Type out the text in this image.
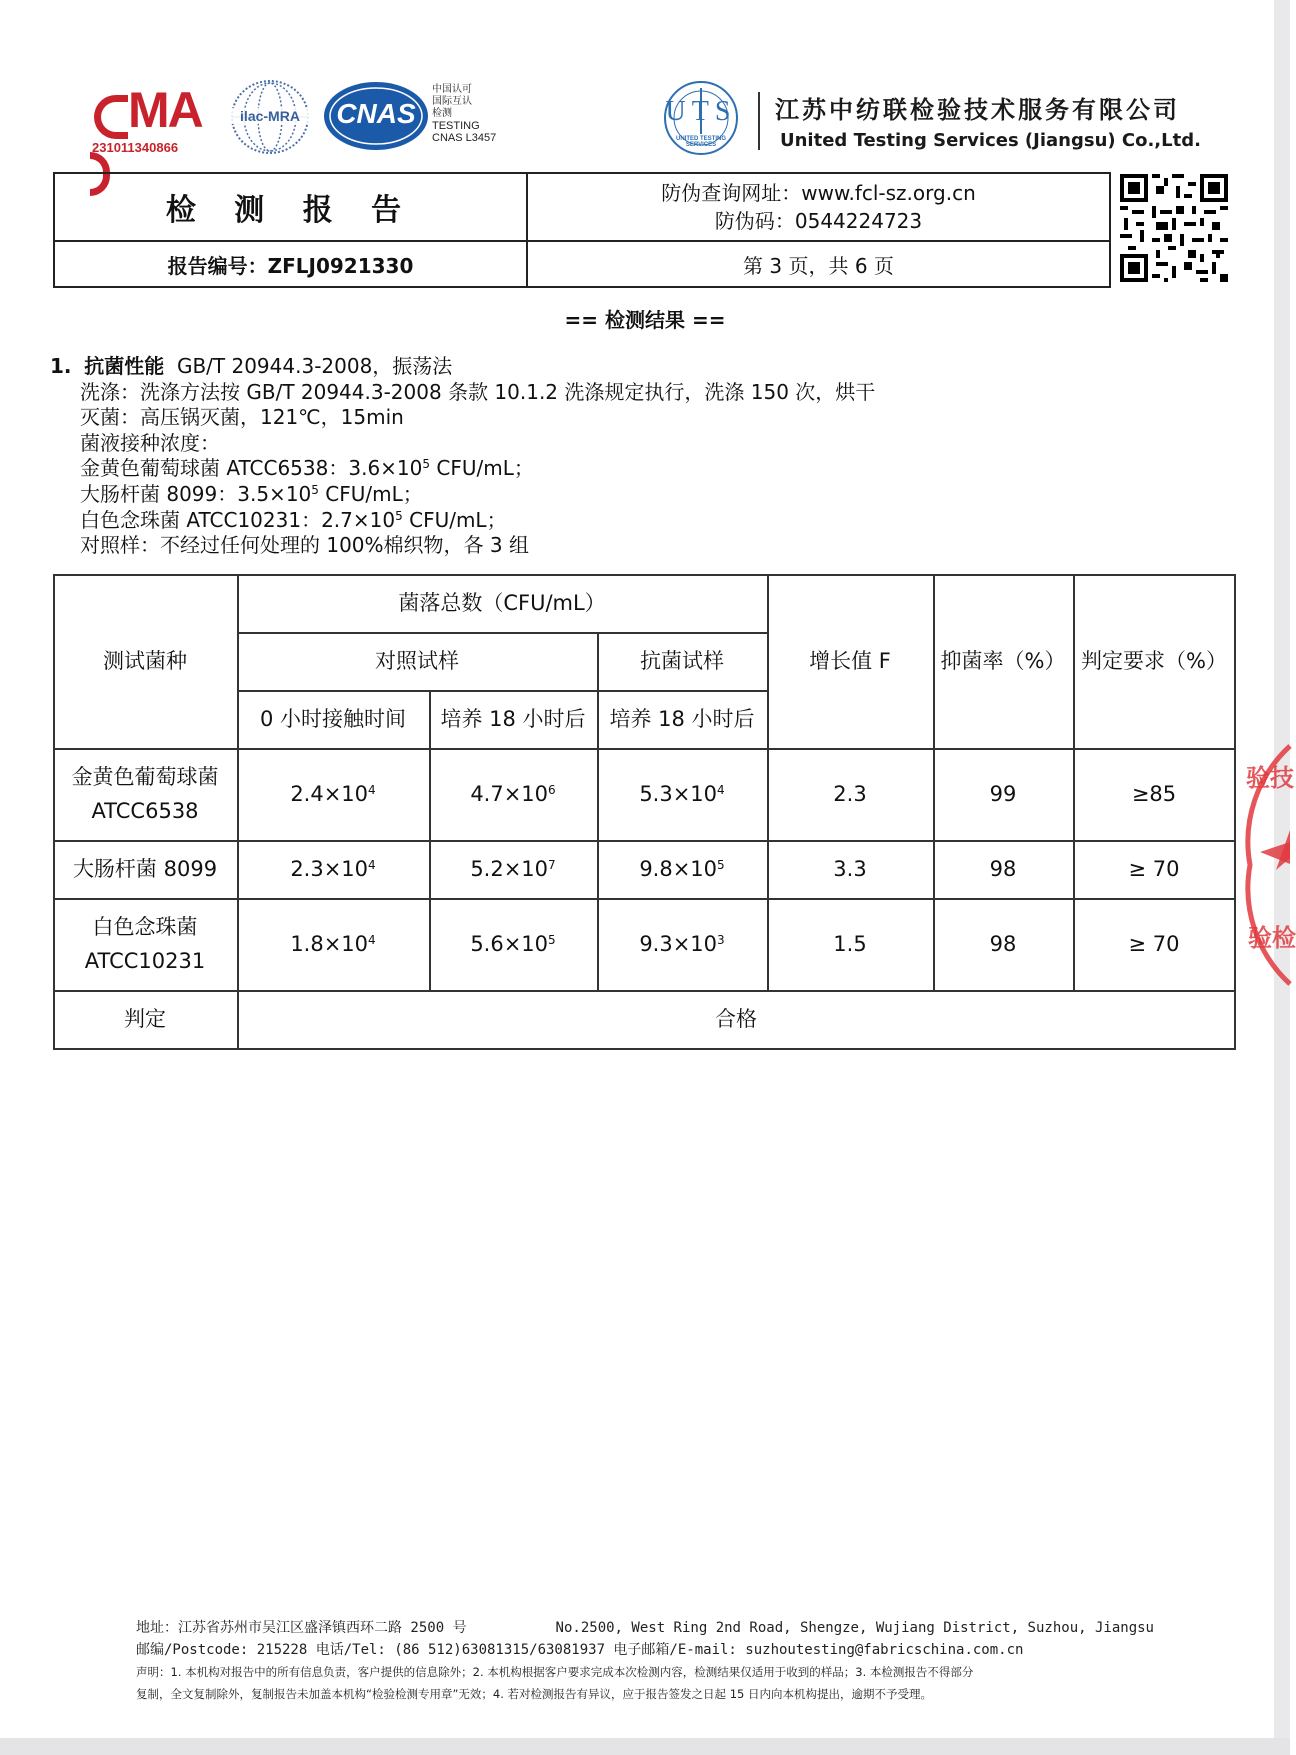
MA
231011340866
ilac-MRA	CNAS
中国认可
国际互认
检测
TESTING
CNAS L3457
UTS
UNITED TESTING SERVICES
江苏中纺联检验技术服务有限公司
United Testing Services (Jiangsu) Co.,Ltd.
检 测 报 告	防伪查询网址：www.fcl-sz.org.cn
防伪码：0544224723
报告编号：ZFLJ0921330	第 3 页，共 6 页
== 检测结果 ==
1. 抗菌性能 GB/T 20944.3-2008，振荡法
洗涤：洗涤方法按 GB/T 20944.3-2008 条款 10.1.2 洗涤规定执行，洗涤 150 次，烘干
灭菌：高压锅灭菌，121℃，15min
菌液接种浓度：
金黄色葡萄球菌 ATCC6538：$3.6\times 10^5$ CFU/mL；
大肠杆菌 8099：$3.5\times 10^5$ CFU/mL；
白色念珠菌 ATCC10231：$2.7\times 10^5$ CFU/mL；
对照样：不经过任何处理的 100%棉织物，各 3 组
测试菌种
菌落总数（CFU/mL）
对照试样	抗菌试样
0 小时接触时间	培养 18 小时后	培养 18 小时后
增长值 F	抑菌率（%） 判定要求（%）
金黄色葡萄球菌
ATCC6538
$2.4\times 10^4$	$4.7\times 10^6$	$5.3\times 10^4$	2.3	99	≥85
大肠杆菌 8099	$2.3\times 10^4$	$5.2\times 10^7$	$9.8\times 10^5$	3.3	98	≥ 70
白色念珠菌
ATCC10231
$1.8\times 10^4$	$5.6\times 10^5$	$9.3\times 10^3$	1.5	98	≥ 70
判定	合格
验技
验检
地址：江苏省苏州市吴江区盛泽镇西环二路 2500 号	No.2500, West Ring 2nd Road, Shengze, Wujiang District, Suzhou, Jiangsu
邮编/Postcode: 215228 电话/Tel: (86 512)63081315/63081937 电子邮箱/E-mail: suzhoutesting@fabricschina.com.cn
声明：1. 本机构对报告中的所有信息负责，客户提供的信息除外；2. 本机构根据客户要求完成本次检测内容，检测结果仅适用于收到的样品；3. 本检测报告不得部分
复制，全文复制除外，复制报告未加盖本机构“检验检测专用章”无效；4. 若对检测报告有异议，应于报告签发之日起 15 日内向本机构提出，逾期不予受理。
